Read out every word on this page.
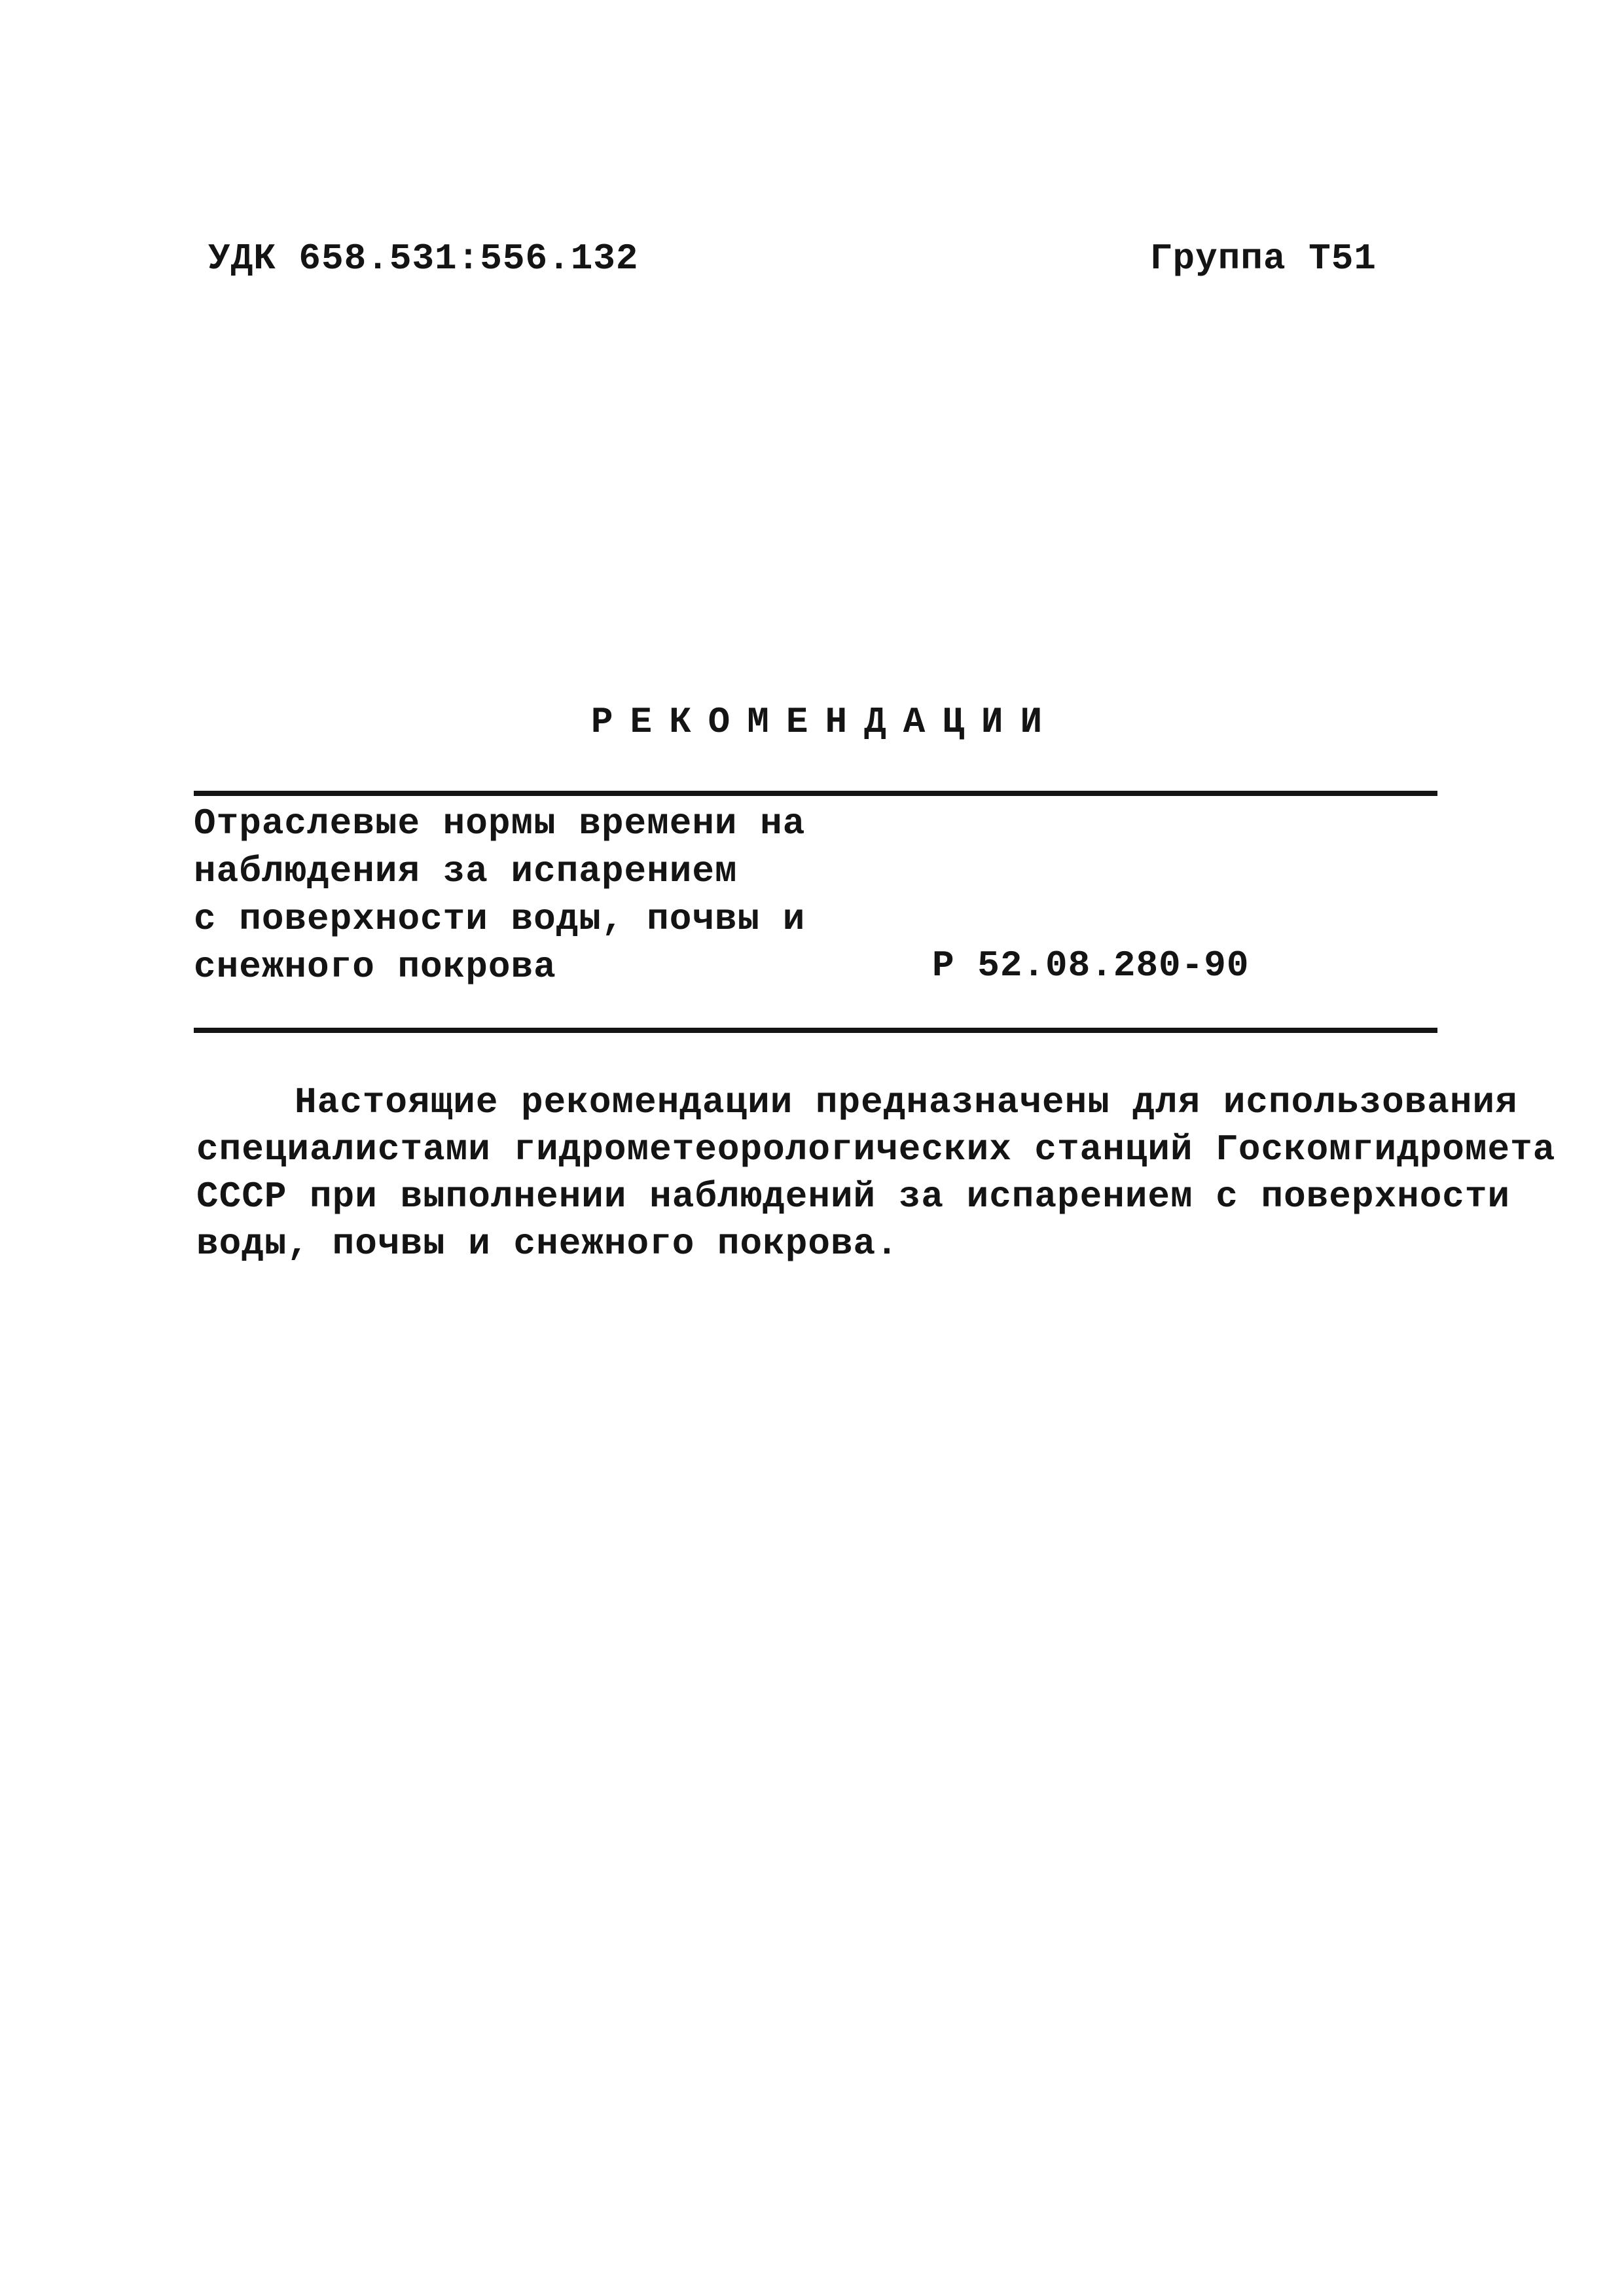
УДК 658.531:556.132	Группа Т51
РЕКОМЕНДАЦИИ
Отраслевые нормы времени на
наблюдения за испарением
с поверхности воды, почвы и
снежного покрова	Р 52.08.280-90
Настоящие рекомендации предназначены для использования
специалистами гидрометеорологических станций Госкомгидромета
СССР при выполнении наблюдений за испарением с поверхности
воды, почвы и снежного покрова.
